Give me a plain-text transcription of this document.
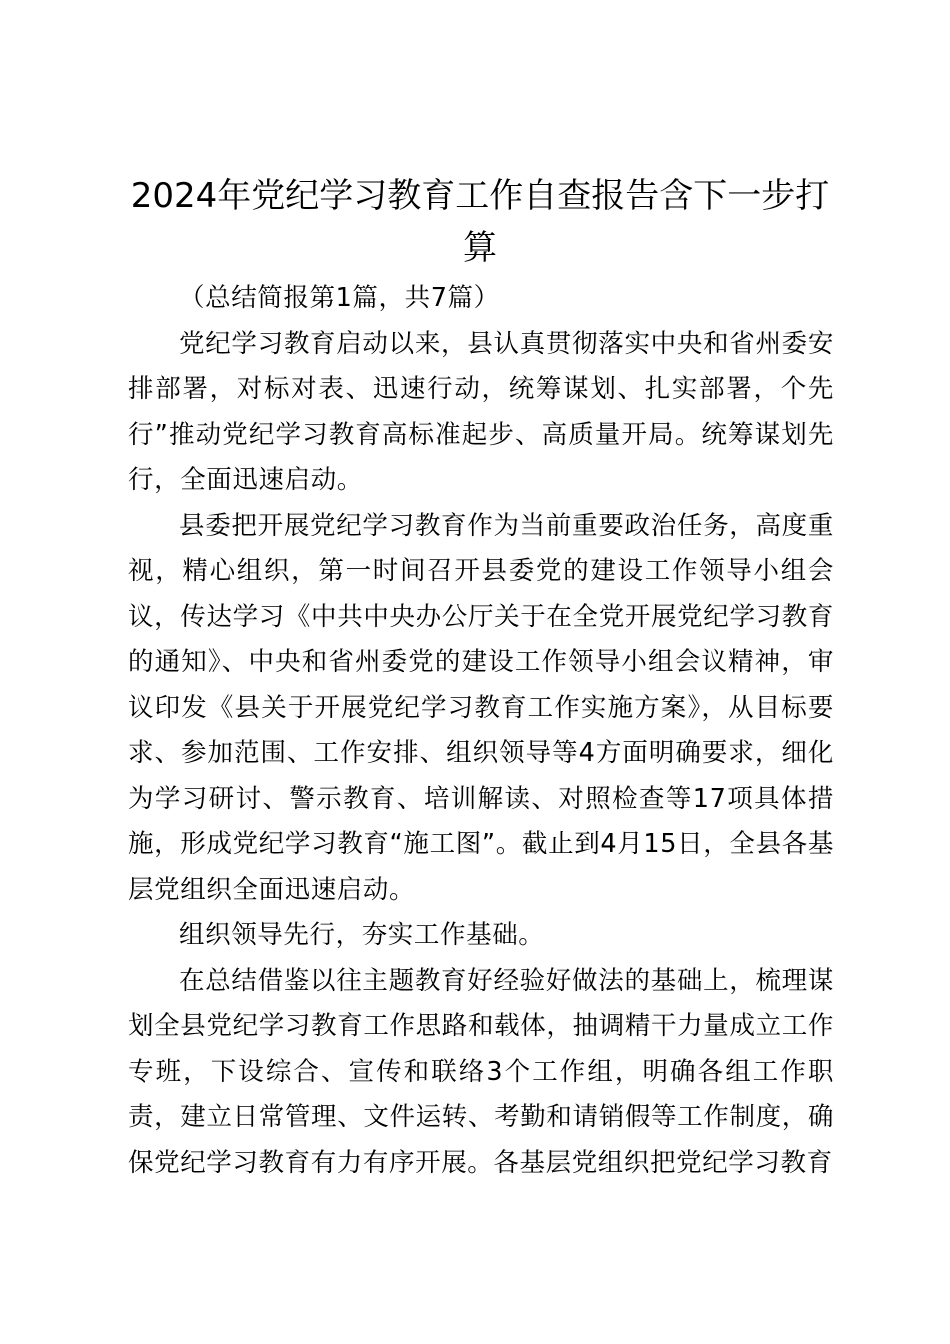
2024年党纪学习教育工作自查报告含下一步打算

（总结简报第1篇，共7篇）

党纪学习教育启动以来，县认真贯彻落实中央和省州委安排部署，对标对表、迅速行动，统筹谋划、扎实部署，个先行”推动党纪学习教育高标准起步、高质量开局。统筹谋划先行，全面迅速启动。

县委把开展党纪学习教育作为当前重要政治任务，高度重视，精心组织，第一时间召开县委党的建设工作领导小组会议，传达学习《中共中央办公厅关于在全党开展党纪学习教育的通知》、中央和省州委党的建设工作领导小组会议精神，审议印发《县关于开展党纪学习教育工作实施方案》，从目标要求、参加范围、工作安排、组织领导等4方面明确要求，细化为学习研讨、警示教育、培训解读、对照检查等17项具体措施，形成党纪学习教育“施工图”。截止到4月15日，全县各基层党组织全面迅速启动。

组织领导先行，夯实工作基础。

在总结借鉴以往主题教育好经验好做法的基础上，梳理谋划全县党纪学习教育工作思路和载体，抽调精干力量成立工作专班，下设综合、宣传和联络3个工作组，明确各组工作职责，建立日常管理、文件运转、考勤和请销假等工作制度，确保党纪学习教育有力有序开展。各基层党组织把党纪学习教育
